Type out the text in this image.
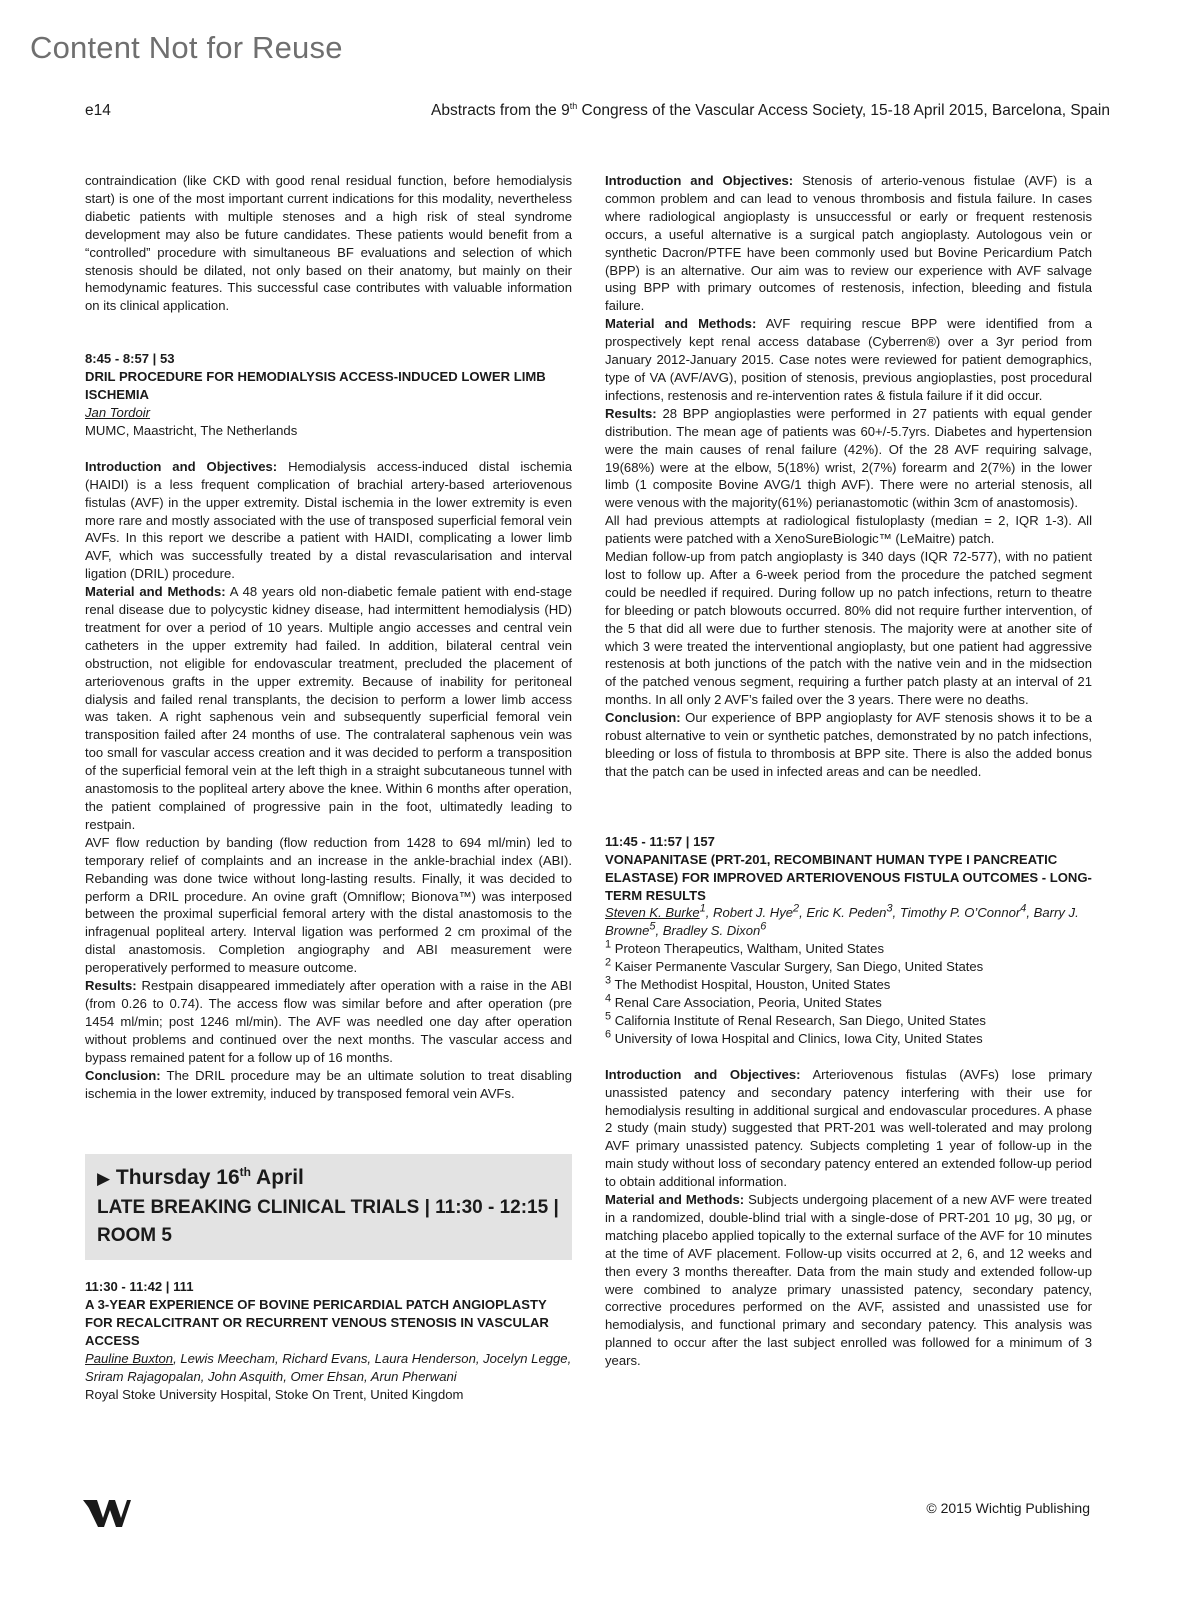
Content Not for Reuse
e14	Abstracts from the 9th Congress of the Vascular Access Society, 15-18 April 2015, Barcelona, Spain

contraindication (like CKD with good renal residual function, before hemodialysis start) is one of the most important current indications for this modality, nevertheless diabetic patients with multiple stenoses and a high risk of steal syndrome development may also be future candidates. These patients would benefit from a “controlled” procedure with simultaneous BF evaluations and selection of which stenosis should be dilated, not only based on their anatomy, but mainly on their hemodynamic features. This successful case contributes with valuable information on its clinical application.

8:45 - 8:57 | 53

DRIL PROCEDURE FOR HEMODIALYSIS ACCESS-INDUCED LOWER LIMB ISCHEMIA

Jan Tordoir

MUMC, Maastricht, The Netherlands

Introduction and Objectives: Hemodialysis access-induced distal ischemia (HAIDI) is a less frequent complication of brachial artery-based arteriovenous fistulas (AVF) in the upper extremity. Distal ischemia in the lower extremity is even more rare and mostly associated with the use of transposed superficial femoral vein AVFs. In this report we describe a patient with HAIDI, complicating a lower limb AVF, which was successfully treated by a distal revascularisation and interval ligation (DRIL) procedure.

Material and Methods: A 48 years old non-diabetic female patient with end-stage renal disease due to polycystic kidney disease, had intermittent hemodialysis (HD) treatment for over a period of 10 years. Multiple angio accesses and central vein catheters in the upper extremity had failed. In addition, bilateral central vein obstruction, not eligible for endovascular treatment, precluded the placement of arteriovenous grafts in the upper extremity. Because of inability for peritoneal dialysis and failed renal transplants, the decision to perform a lower limb access was taken. A right saphenous vein and subsequently superficial femoral vein transposition failed after 24 months of use. The contralateral saphenous vein was too small for vascular access creation and it was decided to perform a transposition of the superficial femoral vein at the left thigh in a straight subcutaneous tunnel with anastomosis to the popliteal artery above the knee. Within 6 months after operation, the patient complained of progressive pain in the foot, ultimatedly leading to restpain.

AVF flow reduction by banding (flow reduction from 1428 to 694 ml/min) led to temporary relief of complaints and an increase in the ankle-brachial index (ABI). Rebanding was done twice without long-lasting results. Finally, it was decided to perform a DRIL procedure. An ovine graft (Omniflow; Bionova™) was interposed between the proximal superficial femoral artery with the distal anastomosis to the infragenual popliteal artery. Interval ligation was performed 2 cm proximal of the distal anastomosis. Completion angiography and ABI measurement were peroperatively performed to measure outcome.

Results: Restpain disappeared immediately after operation with a raise in the ABI (from 0.26 to 0.74). The access flow was similar before and after operation (pre 1454 ml/min; post 1246 ml/min). The AVF was needled one day after operation without problems and continued over the next months. The vascular access and bypass remained patent for a follow up of 16 months.

Conclusion: The DRIL procedure may be an ultimate solution to treat disabling ischemia in the lower extremity, induced by transposed femoral vein AVFs.

▶ Thursday 16th April
LATE BREAKING CLINICAL TRIALS | 11:30 - 12:15 | ROOM 5

11:30 - 11:42 | 111

A 3-YEAR EXPERIENCE OF BOVINE PERICARDIAL PATCH ANGIOPLASTY FOR RECALCITRANT OR RECURRENT VENOUS STENOSIS IN VASCULAR ACCESS

Pauline Buxton, Lewis Meecham, Richard Evans, Laura Henderson, Jocelyn Legge, Sriram Rajagopalan, John Asquith, Omer Ehsan, Arun Pherwani

Royal Stoke University Hospital, Stoke On Trent, United Kingdom

Introduction and Objectives: Stenosis of arterio-venous fistulae (AVF) is a common problem and can lead to venous thrombosis and fistula failure. In cases where radiological angioplasty is unsuccessful or early or frequent restenosis occurs, a useful alternative is a surgical patch angioplasty. Autologous vein or synthetic Dacron/PTFE have been commonly used but Bovine Pericardium Patch (BPP) is an alternative. Our aim was to review our experience with AVF salvage using BPP with primary outcomes of restenosis, infection, bleeding and fistula failure.

Material and Methods: AVF requiring rescue BPP were identified from a prospectively kept renal access database (Cyberren®) over a 3yr period from January 2012-January 2015. Case notes were reviewed for patient demographics, type of VA (AVF/AVG), position of stenosis, previous angioplasties, post procedural infections, restenosis and re-intervention rates & fistula failure if it did occur.

Results: 28 BPP angioplasties were performed in 27 patients with equal gender distribution. The mean age of patients was 60+/-5.7yrs. Diabetes and hypertension were the main causes of renal failure (42%). Of the 28 AVF requiring salvage, 19(68%) were at the elbow, 5(18%) wrist, 2(7%) forearm and 2(7%) in the lower limb (1 composite Bovine AVG/1 thigh AVF). There were no arterial stenosis, all were venous with the majority(61%) perianastomotic (within 3cm of anastomosis).

All had previous attempts at radiological fistuloplasty (median = 2, IQR 1-3). All patients were patched with a XenoSureBiologic™ (LeMaitre) patch.

Median follow-up from patch angioplasty is 340 days (IQR 72-577), with no patient lost to follow up. After a 6-week period from the procedure the patched segment could be needled if required. During follow up no patch infections, return to theatre for bleeding or patch blowouts occurred. 80% did not require further intervention, of the 5 that did all were due to further stenosis. The majority were at another site of which 3 were treated the interventional angioplasty, but one patient had aggressive restenosis at both junctions of the patch with the native vein and in the midsection of the patched venous segment, requiring a further patch plasty at an interval of 21 months. In all only 2 AVF’s failed over the 3 years. There were no deaths.

Conclusion: Our experience of BPP angioplasty for AVF stenosis shows it to be a robust alternative to vein or synthetic patches, demonstrated by no patch infections, bleeding or loss of fistula to thrombosis at BPP site. There is also the added bonus that the patch can be used in infected areas and can be needled.

11:45 - 11:57 | 157

VONAPANITASE (PRT-201, RECOMBINANT HUMAN TYPE I PANCREATIC ELASTASE) FOR IMPROVED ARTERIOVENOUS FISTULA OUTCOMES - LONG-TERM RESULTS

Steven K. Burke$^1$, Robert J. Hye$^2$, Eric K. Peden$^3$, Timothy P. O’Connor$^4$, Barry J. Browne$^5$, Bradley S. Dixon$^6$

$^1$ Proteon Therapeutics, Waltham, United States

$^2$ Kaiser Permanente Vascular Surgery, San Diego, United States

$^3$ The Methodist Hospital, Houston, United States

$^4$ Renal Care Association, Peoria, United States

$^5$ California Institute of Renal Research, San Diego, United States

$^6$ University of Iowa Hospital and Clinics, Iowa City, United States

Introduction and Objectives: Arteriovenous fistulas (AVFs) lose primary unassisted patency and secondary patency interfering with their use for hemodialysis resulting in additional surgical and endovascular procedures. A phase 2 study (main study) suggested that PRT-201 was well-tolerated and may prolong AVF primary unassisted patency. Subjects completing 1 year of follow-up in the main study without loss of secondary patency entered an extended follow-up period to obtain additional information.

Material and Methods: Subjects undergoing placement of a new AVF were treated in a randomized, double-blind trial with a single-dose of PRT-201 10 μg, 30 μg, or matching placebo applied topically to the external surface of the AVF for 10 minutes at the time of AVF placement. Follow-up visits occurred at 2, 6, and 12 weeks and then every 3 months thereafter. Data from the main study and extended follow-up were combined to analyze primary unassisted patency, secondary patency, corrective procedures performed on the AVF, assisted and unassisted use for hemodialysis, and functional primary and secondary patency. This analysis was planned to occur after the last subject enrolled was followed for a minimum of 3 years.

© 2015 Wichtig Publishing
